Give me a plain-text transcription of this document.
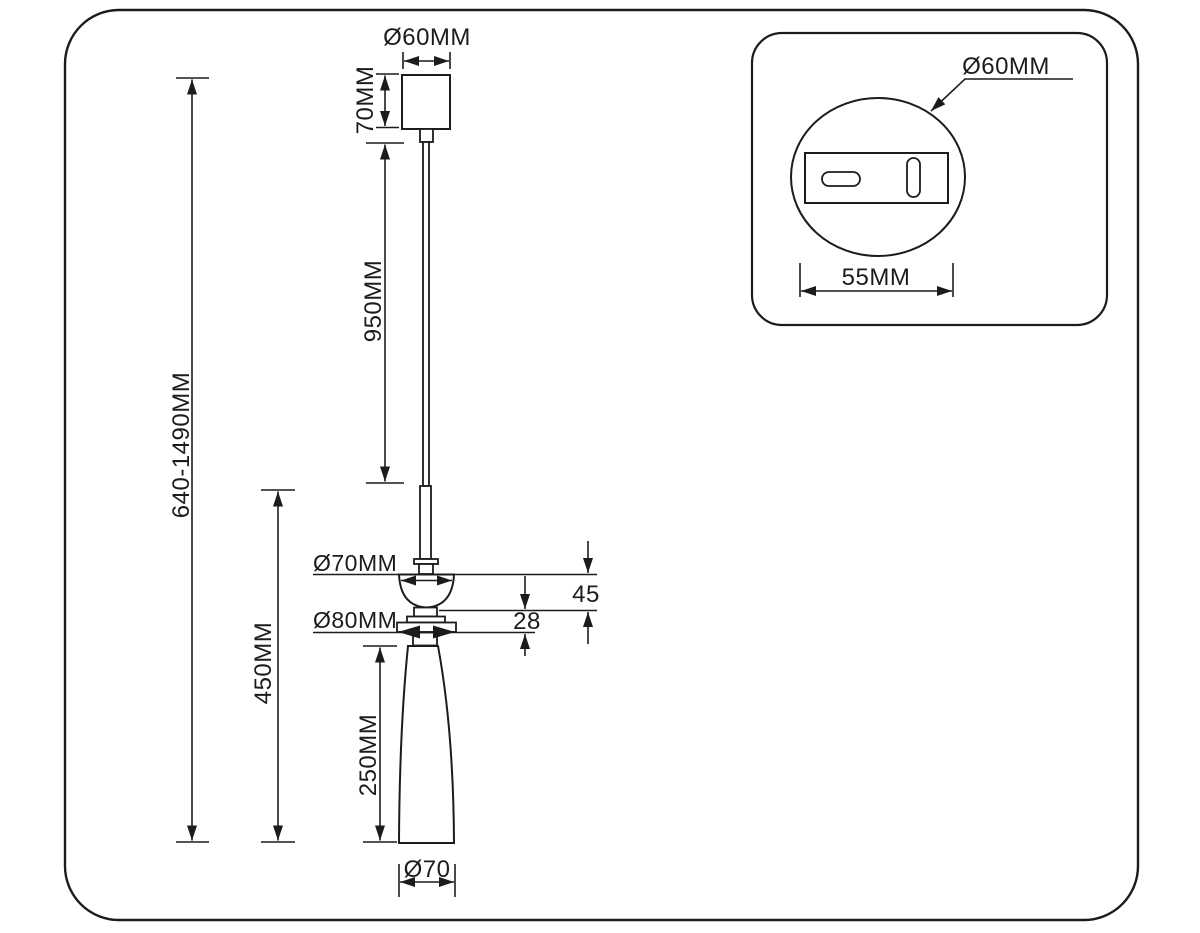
Ø60MM
70MM
950MM
640-1490MM
450MM
250MM
Ø70MM
Ø80MM
45
28
Ø70
Ø60MM
55MM
